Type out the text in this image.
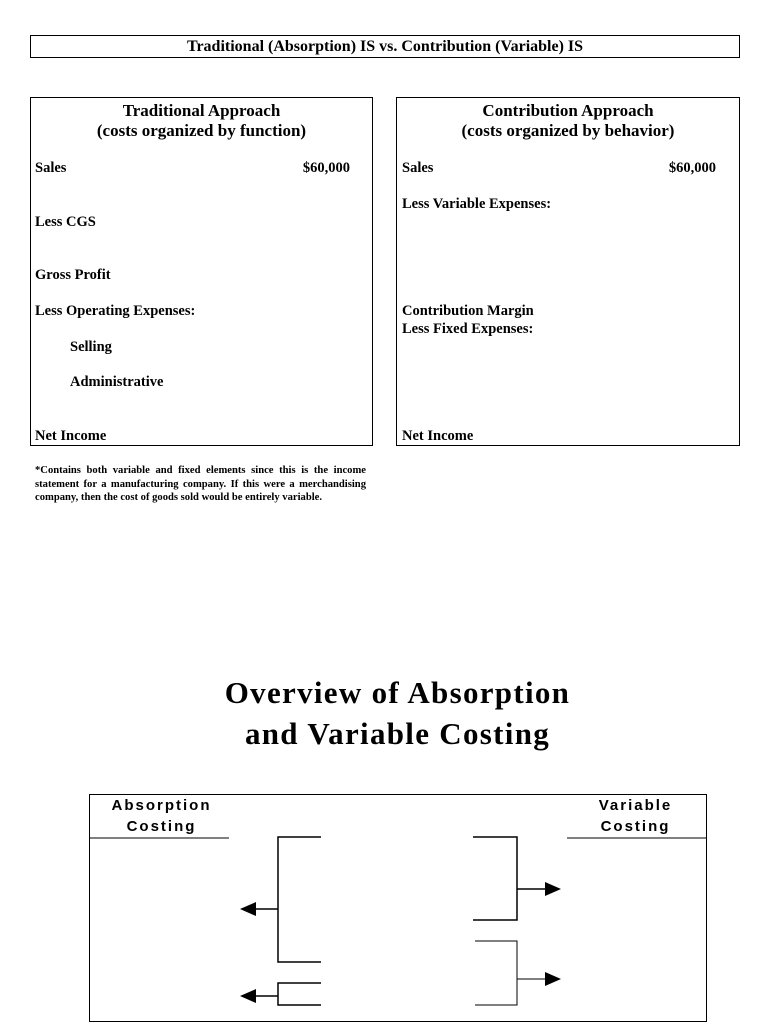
Traditional (Absorption) IS vs. Contribution (Variable) IS
Traditional Approach
(costs organized by function)
Sales	$60,000
Less CGS
Gross Profit
Less Operating Expenses:
Selling
Administrative
Net Income
Contribution Approach
(costs organized by behavior)
Sales	$60,000
Less Variable Expenses:
Contribution Margin
Less Fixed Expenses:
Net Income
*Contains both variable and fixed elements since this is the income statement for a manufacturing company. If this were a merchandising company, then the cost of goods sold would be entirely variable.
Overview of Absorption
and Variable Costing
Absorption
Costing
Variable
Costing
